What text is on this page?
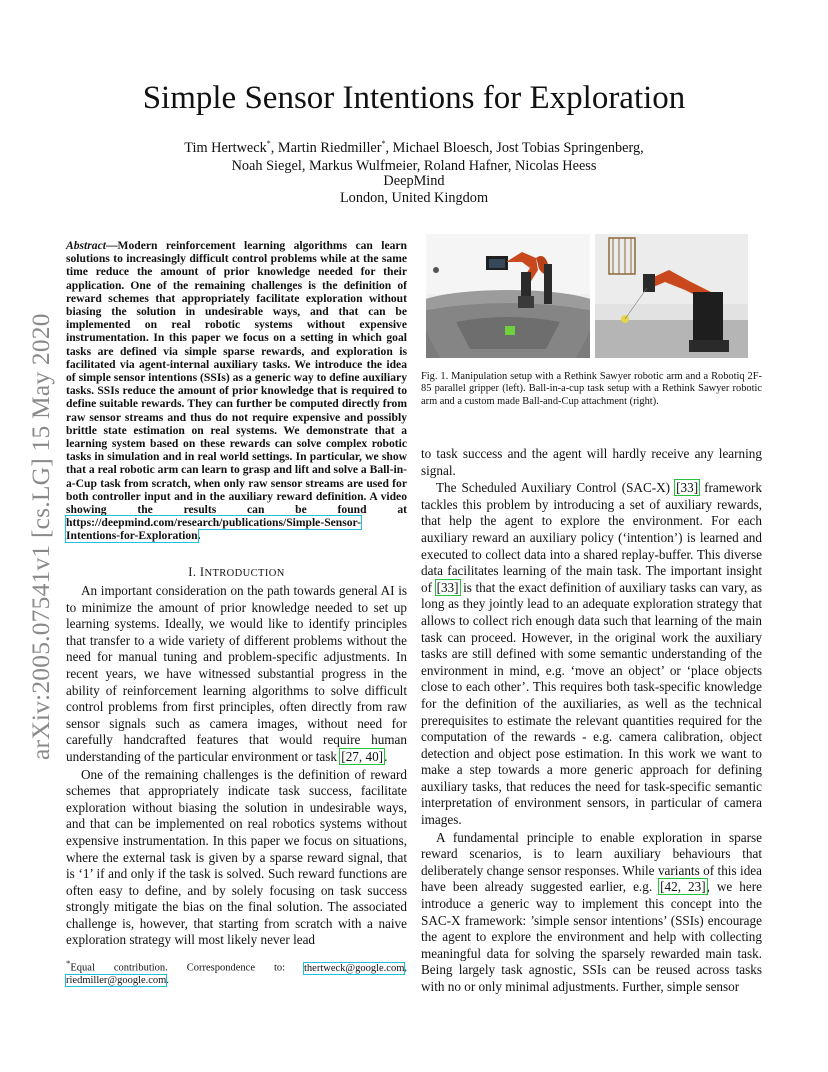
arXiv:2005.07541v1 [cs.LG] 15 May 2020
Simple Sensor Intentions for Exploration
Tim Hertweck*, Martin Riedmiller*, Michael Bloesch, Jost Tobias Springenberg,
Noah Siegel, Markus Wulfmeier, Roland Hafner, Nicolas Heess
DeepMind
London, United Kingdom
Abstract—Modern reinforcement learning algorithms can learn solutions to increasingly difficult control problems while at the same time reduce the amount of prior knowledge needed for their application. One of the remaining challenges is the definition of reward schemes that appropriately facilitate exploration without biasing the solution in undesirable ways, and that can be implemented on real robotic systems without expensive instrumentation. In this paper we focus on a setting in which goal tasks are defined via simple sparse rewards, and exploration is facilitated via agent-internal auxiliary tasks. We introduce the idea of simple sensor intentions (SSIs) as a generic way to define auxiliary tasks. SSIs reduce the amount of prior knowledge that is required to define suitable rewards. They can further be computed directly from raw sensor streams and thus do not require expensive and possibly brittle state estimation on real systems. We demonstrate that a learning system based on these rewards can solve complex robotic tasks in simulation and in real world settings. In particular, we show that a real robotic arm can learn to grasp and lift and solve a Ball-in-a-Cup task from scratch, when only raw sensor streams are used for both controller input and in the auxiliary reward definition. A video showing the results can be found at https://deepmind.com/research/publications/Simple-Sensor-Intentions-for-Exploration.
I. INTRODUCTION

An important consideration on the path towards general AI is to minimize the amount of prior knowledge needed to set up learning systems. Ideally, we would like to identify principles that transfer to a wide variety of different problems without the need for manual tuning and problem-specific adjustments. In recent years, we have witnessed substantial progress in the ability of reinforcement learning algorithms to solve difficult control problems from first principles, often directly from raw sensor signals such as camera images, without need for carefully handcrafted features that would require human understanding of the particular environment or task [27, 40].

One of the remaining challenges is the definition of reward schemes that appropriately indicate task success, facilitate exploration without biasing the solution in undesirable ways, and that can be implemented on real robotics systems without expensive instrumentation. In this paper we focus on situations, where the external task is given by a sparse reward signal, that is ‘1’ if and only if the task is solved. Such reward functions are often easy to define, and by solely focusing on task success strongly mitigate the bias on the final solution. The associated challenge is, however, that starting from scratch with a naive exploration strategy will most likely never lead

*Equal contribution. Correspondence to: thertweck@google.com, riedmiller@google.com.
Fig. 1. Manipulation setup with a Rethink Sawyer robotic arm and a Robotiq 2F-85 parallel gripper (left). Ball-in-a-cup task setup with a Rethink Sawyer robotic arm and a custom made Ball-and-Cup attachment (right).

to task success and the agent will hardly receive any learning signal.

The Scheduled Auxiliary Control (SAC-X) [33] framework tackles this problem by introducing a set of auxiliary rewards, that help the agent to explore the environment. For each auxiliary reward an auxiliary policy (‘intention’) is learned and executed to collect data into a shared replay-buffer. This diverse data facilitates learning of the main task. The important insight of [33] is that the exact definition of auxiliary tasks can vary, as long as they jointly lead to an adequate exploration strategy that allows to collect rich enough data such that learning of the main task can proceed. However, in the original work the auxiliary tasks are still defined with some semantic understanding of the environment in mind, e.g. ‘move an object’ or ‘place objects close to each other’. This requires both task-specific knowledge for the definition of the auxiliaries, as well as the technical prerequisites to estimate the relevant quantities required for the computation of the rewards - e.g. camera calibration, object detection and object pose estimation. In this work we want to make a step towards a more generic approach for defining auxiliary tasks, that reduces the need for task-specific semantic interpretation of environment sensors, in particular of camera images.

A fundamental principle to enable exploration in sparse reward scenarios, is to learn auxiliary behaviours that deliberately change sensor responses. While variants of this idea have been already suggested earlier, e.g. [42, 23], we here introduce a generic way to implement this concept into the SAC-X framework: ’simple sensor intentions’ (SSIs) encourage the agent to explore the environment and help with collecting meaningful data for solving the sparsely rewarded main task. Being largely task agnostic, SSIs can be reused across tasks with no or only minimal adjustments. Further, simple sensor
